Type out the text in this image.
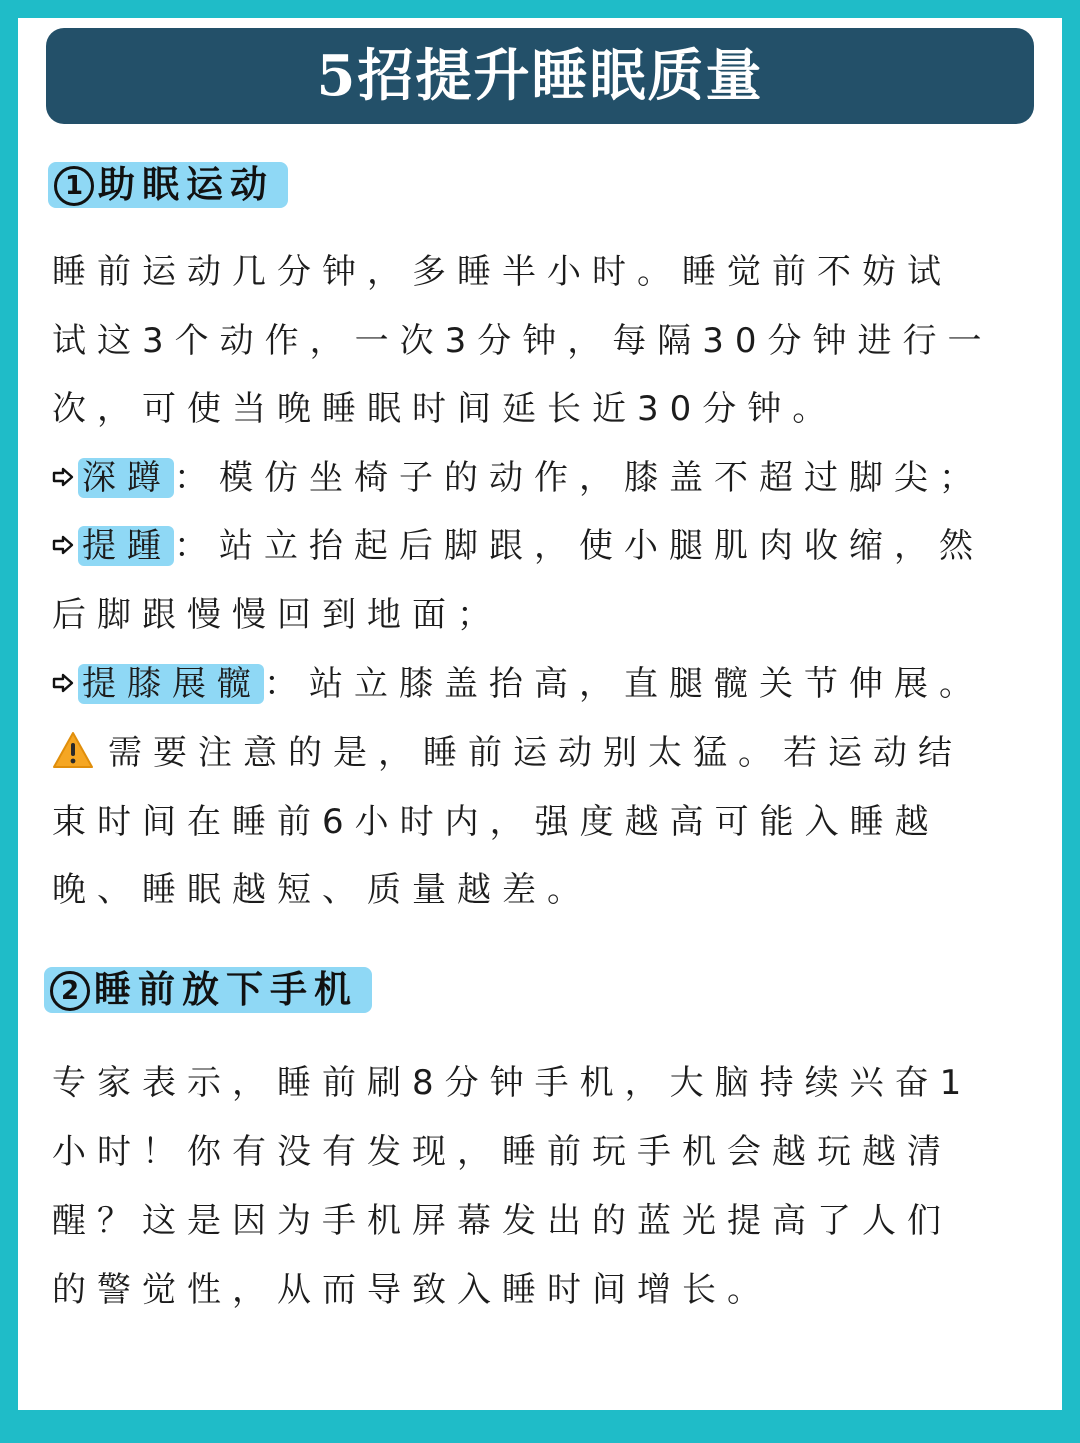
5招提升睡眠质量
1 助眠运动
睡前运动几分钟，多睡半小时。睡觉前不妨试
试这3个动作，一次3分钟，每隔30分钟进行一
次，可使当晚睡眠时间延长近30分钟。
深蹲：模仿坐椅子的动作，膝盖不超过脚尖；
提踵：站立抬起后脚跟，使小腿肌肉收缩，然
后脚跟慢慢回到地面；
提膝展髋：站立膝盖抬高，直腿髋关节伸展。
需要注意的是，睡前运动别太猛。若运动结
束时间在睡前6小时内，强度越高可能入睡越
晚、睡眠越短、质量越差。
2 睡前放下手机
专家表示，睡前刷8分钟手机，大脑持续兴奋1
小时！你有没有发现，睡前玩手机会越玩越清
醒？这是因为手机屏幕发出的蓝光提高了人们
的警觉性，从而导致入睡时间增长。
